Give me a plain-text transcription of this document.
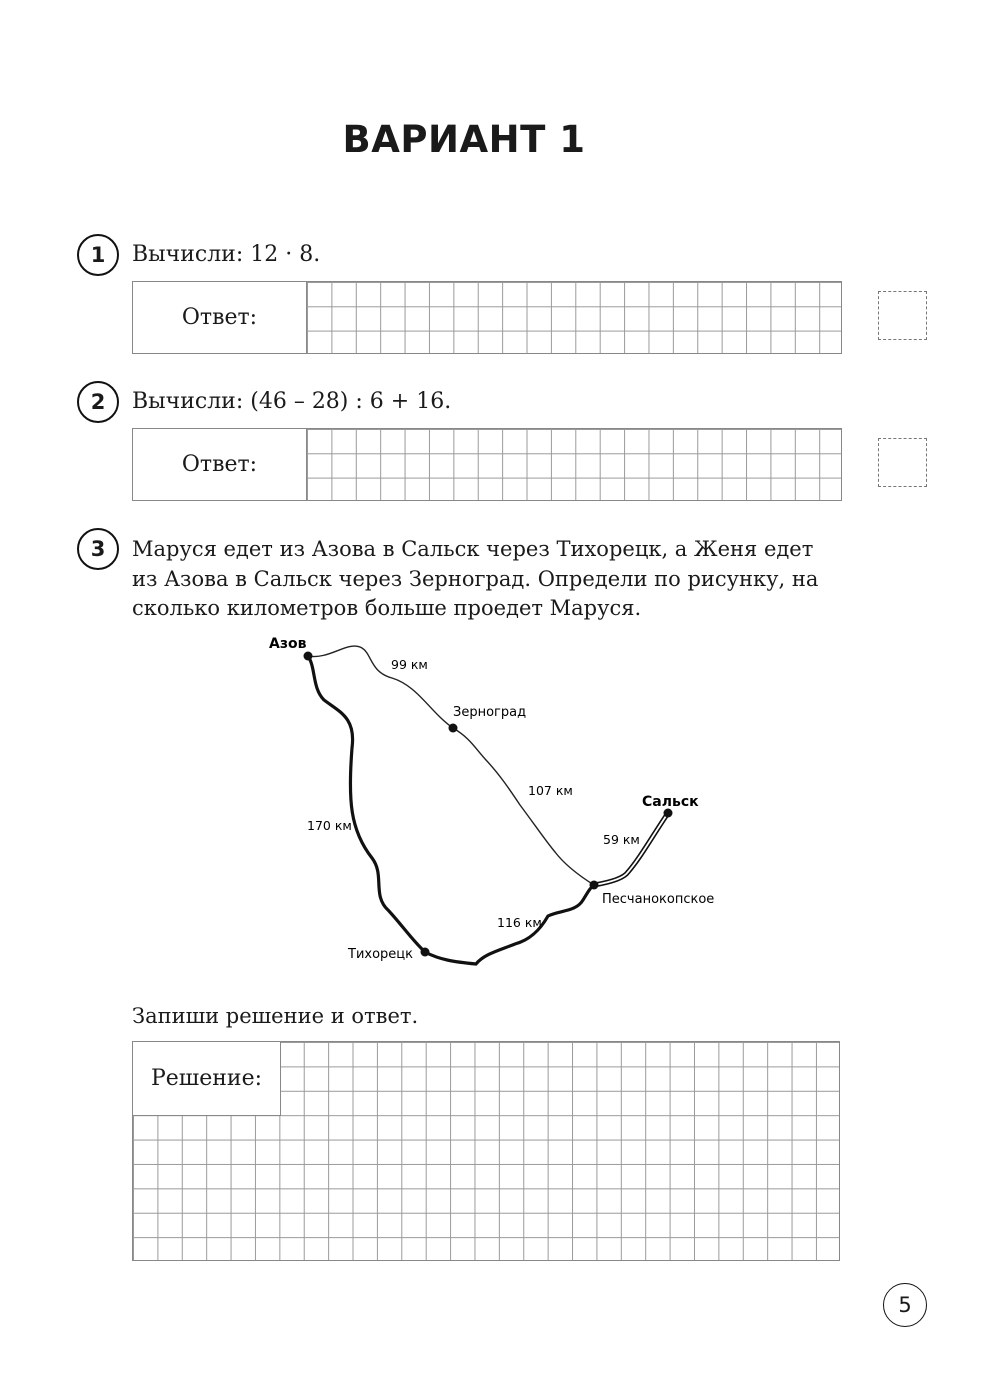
ВАРИАНТ 1
1	Вычисли: 12 · 8.
Ответ:
2	Вычисли: (46 – 28) : 6 + 16.
Ответ:
3	Маруся едет из Азова в Сальск через Тихорецк, а Женя едет
из Азова в Сальск через Зерноград. Определи по рисунку, на
сколько километров больше проедет Маруся.
Азов
Зерноград
Сальск
Песчанокопское
Тихорецк
99 км
107 км
59 км
170 км
116 км
Запиши решение и ответ.
Решение:
5
